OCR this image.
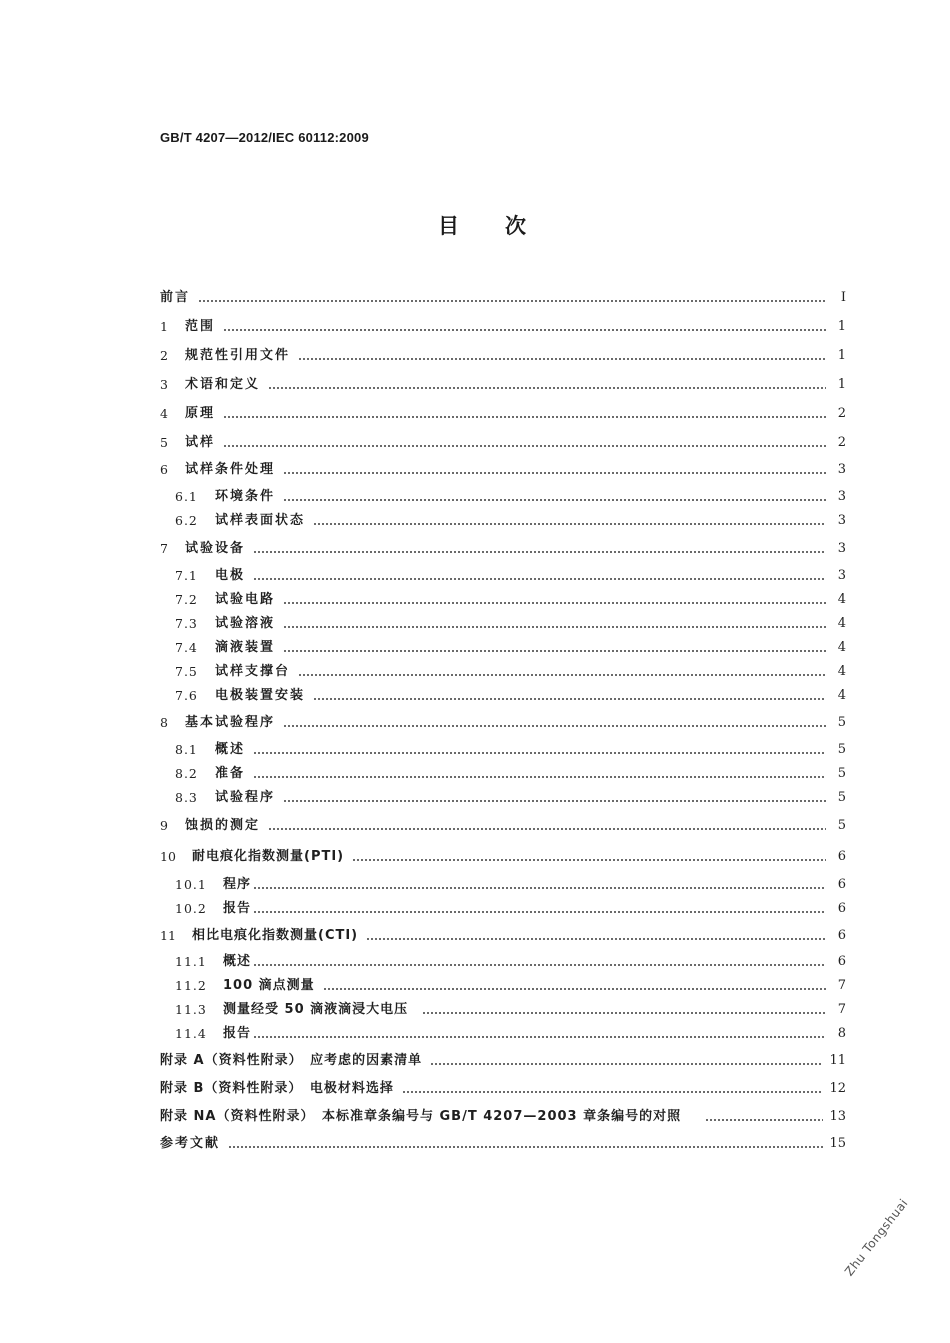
GB/T 4207—2012/IEC 60112:2009
目次
前言	Ⅰ
1	范围	1
2	规范性引用文件	1
3	术语和定义	1
4	原理	2
5	试样	2
6	试样条件处理	3
6.1	环境条件	3
6.2	试样表面状态	3
7	试验设备	3
7.1	电极	3
7.2	试验电路	4
7.3	试验溶液	4
7.4	滴液装置	4
7.5	试样支撑台	4
7.6	电极装置安装	4
8	基本试验程序	5
8.1	概述	5
8.2	准备	5
8.3	试验程序	5
9	蚀损的测定	5
10	耐电痕化指数测量(PTI)	6
10.1	程序	6
10.2	报告	6
11	相比电痕化指数测量(CTI)	6
11.1	概述	6
11.2	100 滴点测量	7
11.3	测量经受 50 滴液滴浸大电压	7
11.4	报告	8
附录 A（资料性附录）　应考虑的因素清单	11
附录 B（资料性附录）　电极材料选择	12
附录 NA（资料性附录）　本标准章条编号与 GB/T 4207—2003 章条编号的对照	13
参考文献	15
Zhu Tongshuai
